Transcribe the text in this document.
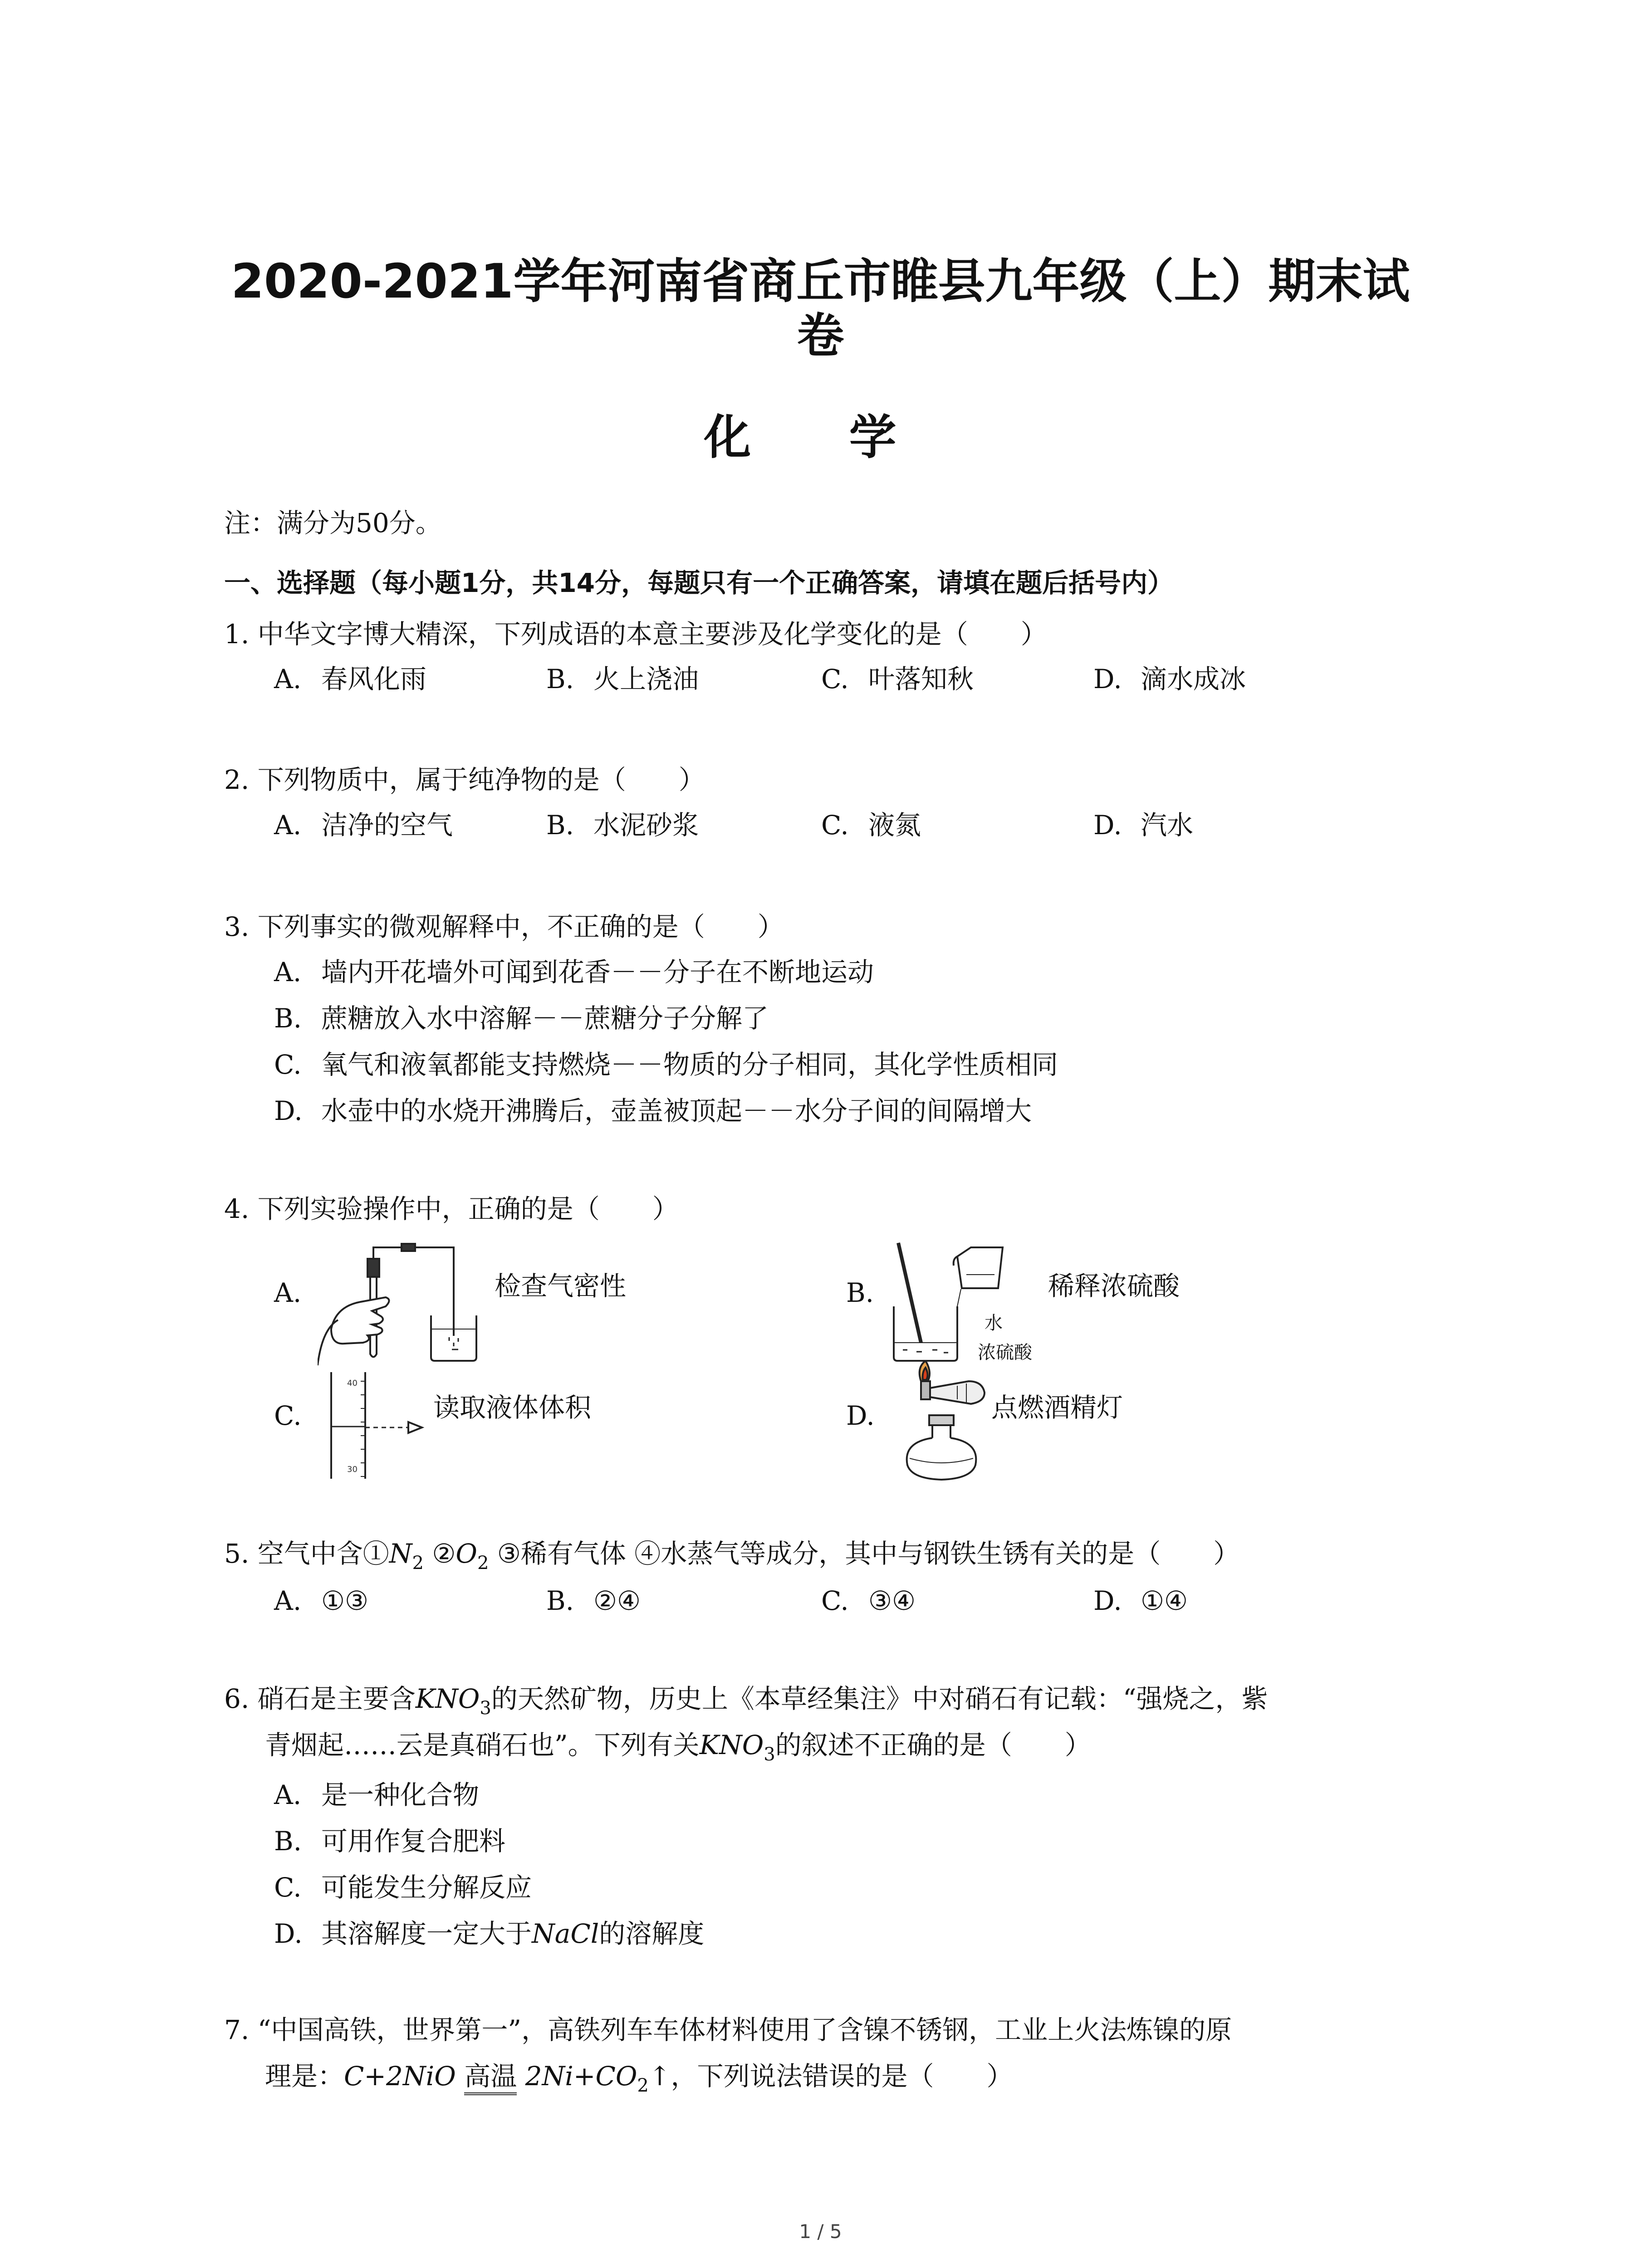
2020-2021学年河南省商丘市睢县九年级（上）期末试
卷
化 学
注：满分为50分。
一、选择题（每小题1分，共14分，每题只有一个正确答案，请填在题后括号内）
1. 中华文字博大精深，下列成语的本意主要涉及化学变化的是（　　）
A. 春风化雨	B. 火上浇油	C. 叶落知秋	D. 滴水成冰
2. 下列物质中，属于纯净物的是（　　）
A. 洁净的空气	B. 水泥砂浆	C. 液氮	D. 汽水
3. 下列事实的微观解释中，不正确的是（　　）
A. 墙内开花墙外可闻到花香－－分子在不断地运动
B. 蔗糖放入水中溶解－－蔗糖分子分解了
C. 氧气和液氧都能支持燃烧－－物质的分子相同，其化学性质相同
D. 水壶中的水烧开沸腾后，壶盖被顶起－－水分子间的间隔增大
4. 下列实验操作中，正确的是（　　）
A.	检查气密性	B.
水
浓硫酸
稀释浓硫酸
C.
40
30
读取液体体积	D.	点燃酒精灯
5. 空气中含$①N_2$ $②O_2$ ③稀有气体 ④水蒸气等成分，其中与钢铁生锈有关的是（　　）
A. ①③	B. ②④	C. ③④	D. ①④
6. 硝石是主要含$KNO_3$的天然矿物，历史上《本草经集注》中对硝石有记载：“强烧之，紫
青烟起……云是真硝石也”。下列有关$KNO_3$的叙述不正确的是（　　）
A. 是一种化合物
B. 可用作复合肥料
C. 可能发生分解反应
D. 其溶解度一定大于NaCl的溶解度
7. “中国高铁，世界第一”，高铁列车车体材料使用了含镍不锈钢，工业上火法炼镍的原
理是：C+2NiO 高温 $2Ni+CO_2↑$，下列说法错误的是（　　）
1 / 5
